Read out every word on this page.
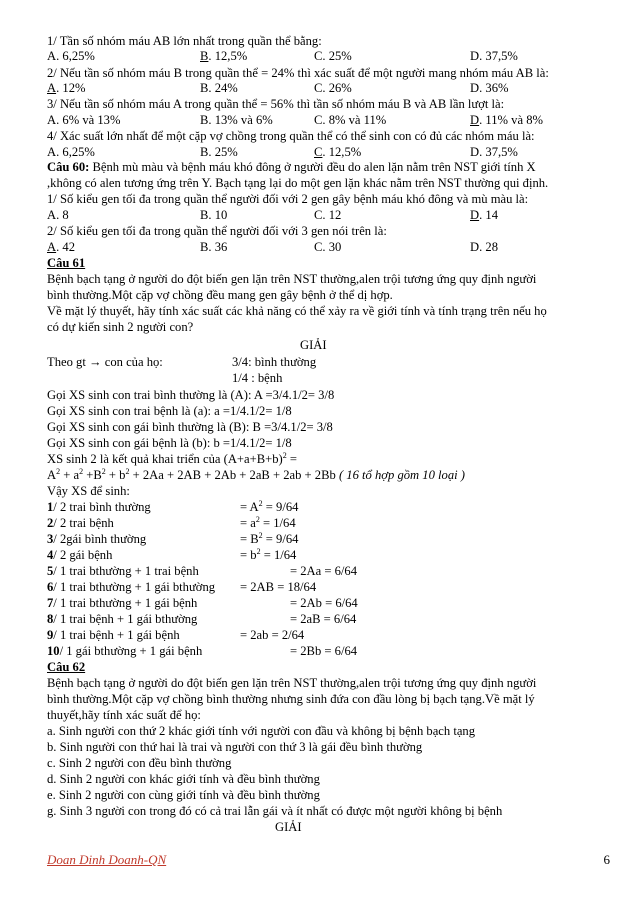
1/ Tần số nhóm máu AB lớn nhất trong quần thể bằng:
A. 6,25%	B. 12,5%	C. 25%	D. 37,5%
2/ Nếu tần số nhóm máu B trong quần thể = 24% thì xác suất để một người mang nhóm máu AB là:
A. 12%	B. 24%	C. 26%	D. 36%
3/ Nếu tần số nhóm máu A trong quần thể = 56% thì tần số nhóm máu B và AB lần lượt là:
A. 6% và 13%	B. 13% và 6%	C. 8% và 11%	D. 11% và 8%
4/ Xác suất lớn nhất để một cặp vợ chồng trong quần thể có thể sinh con có đủ các nhóm máu là:
A. 6,25%	B. 25%	C. 12,5%	D. 37,5%
Câu 60: Bệnh mù màu và bệnh máu khó đông ở người đều do alen lặn nằm trên NST giới tính X
,không có alen tương ứng trên Y. Bạch tạng lại do một gen lặn khác nằm trên NST thường qui định.
1/ Số kiểu gen tối đa trong quần thể người đối với 2 gen gây bệnh máu khó đông và mù màu là:
A. 8	B. 10	C. 12	D. 14
2/ Số kiểu gen tối đa trong quần thể người đối với 3 gen nói trên là:
A. 42	B. 36	C. 30	D. 28
Câu 61
Bệnh bạch tạng ở người do đột biến gen lặn trên NST thường,alen trội tương ứng quy định người
bình thường.Một cặp vợ chồng đều mang gen gây bệnh ở thể dị hợp.
Về mặt lý thuyết, hãy tính xác suất các khả năng có thể xảy ra về giới tính và tính trạng trên nếu họ
có dự kiến sinh 2 người con?
GIẢI
Theo gt → con của họ:	3/4: bình thường
1/4 : bệnh
Gọi XS sinh con trai bình thường là (A): A =3/4.1/2= 3/8
Gọi XS sinh con trai bệnh là (a): a =1/4.1/2= 1/8
Gọi XS sinh con gái bình thường là (B): B =3/4.1/2= 3/8
Gọi XS sinh con gái bệnh là (b): b =1/4.1/2= 1/8
XS sinh 2 là kết quả khai triển của $(A+a+B+b)^2$ =
$A^2 + a^2 +B^2 + b^2 + 2Aa + 2AB + 2Ab + 2aB + 2ab + 2Bb$ ( 16 tổ hợp gồm 10 loại )
Vậy XS để sinh:
1/ 2 trai bình thường	= $A^2 = 9/64$
2/ 2 trai bệnh	= $a^2 = 1/64$
3/ 2gái bình thường	= $B^2 = 9/64$
4/ 2 gái bệnh	= $b^2 = 1/64$
5/ 1 trai bthường + 1 trai bệnh	= 2Aa = 6/64
6/ 1 trai bthường + 1 gái bthường = 2AB = 18/64
7/ 1 trai bthường + 1 gái bệnh	= 2Ab = 6/64
8/ 1 trai bệnh + 1 gái bthường	= 2aB = 6/64
9/ 1 trai bệnh + 1 gái bệnh	= 2ab = 2/64
10/ 1 gái bthường + 1 gái bệnh	= 2Bb = 6/64
Câu 62
Bệnh bạch tạng ở người do đột biến gen lặn trên NST thường,alen trội tương ứng quy định người
bình thường.Một cặp vợ chồng bình thường nhưng sinh đứa con đầu lòng bị bạch tạng.Về mặt lý
thuyết,hãy tính xác suất để họ:
a. Sinh người con thứ 2 khác giới tính với người con đầu và không bị bệnh bạch tạng
b. Sinh người con thứ hai là trai và người con thứ 3 là gái đều bình thường
c. Sinh 2 người con đều bình thường
d. Sinh 2 người con khác giới tính và đều bình thường
e. Sinh 2 người con cùng giới tính và đều bình thường
g. Sinh 3 người con trong đó có cả trai lẫn gái và ít nhất có được một người không bị bệnh
GIẢI
Doan Dinh Doanh-QN	6
